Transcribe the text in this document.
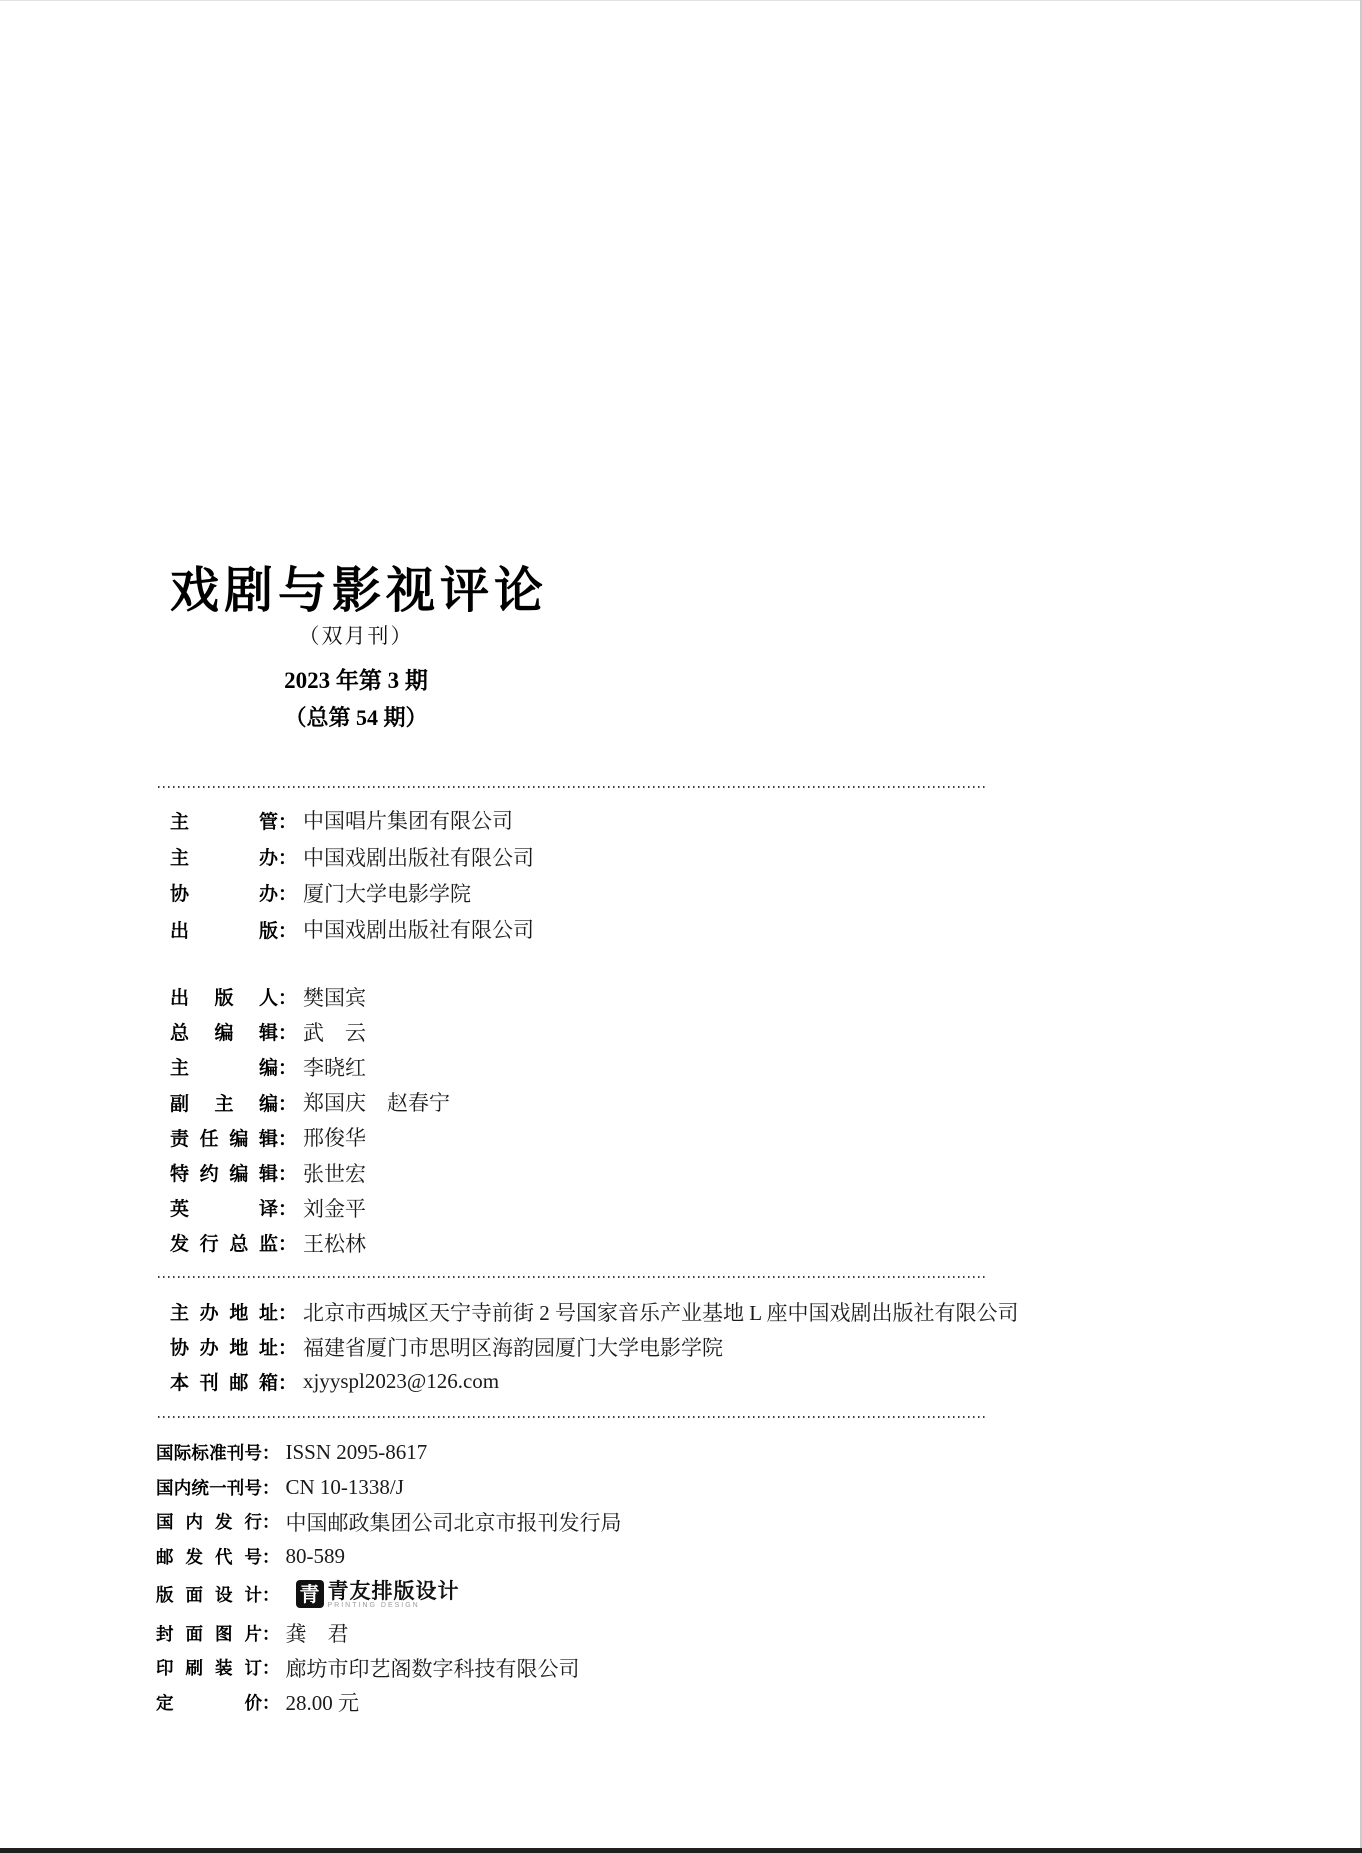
戏剧与影视评论
（双月刊）
2023 年第 3 期
（总第 54 期）
主	管 ： 中国唱片集团有限公司
主	办 ： 中国戏剧出版社有限公司
协	办 ： 厦门大学电影学院
出	版 ： 中国戏剧出版社有限公司
出 版 人 ： 樊国宾
总 编 辑 ： 武　云
主	编 ： 李晓红
副 主 编 ： 郑国庆　赵春宁
责 任 编 辑 ： 邢俊华
特 约 编 辑 ： 张世宏
英	译 ： 刘金平
发 行 总 监 ： 王松林
主 办 地 址 ： 北京市西城区天宁寺前街 2 号国家音乐产业基地 L 座中国戏剧出版社有限公司
协 办 地 址 ： 福建省厦门市思明区海韵园厦门大学电影学院
本 刊 邮 箱 ： xjyyspl2023@126.com
国 际 标 准 刊 号 ： ISSN 2095-8617
国 内 统 一 刊 号 ： CN 10-1338/J
国 内 发 行 ： 中国邮政集团公司北京市报刊发行局
邮 发 代 号 ： 80-589
版 面 设 计 ： 青 青友排版设计
PRINTING DESIGN
封 面 图 片 ： 龚　君
印 刷 装 订 ： 廊坊市印艺阁数字科技有限公司
定	价 ： 28.00 元
